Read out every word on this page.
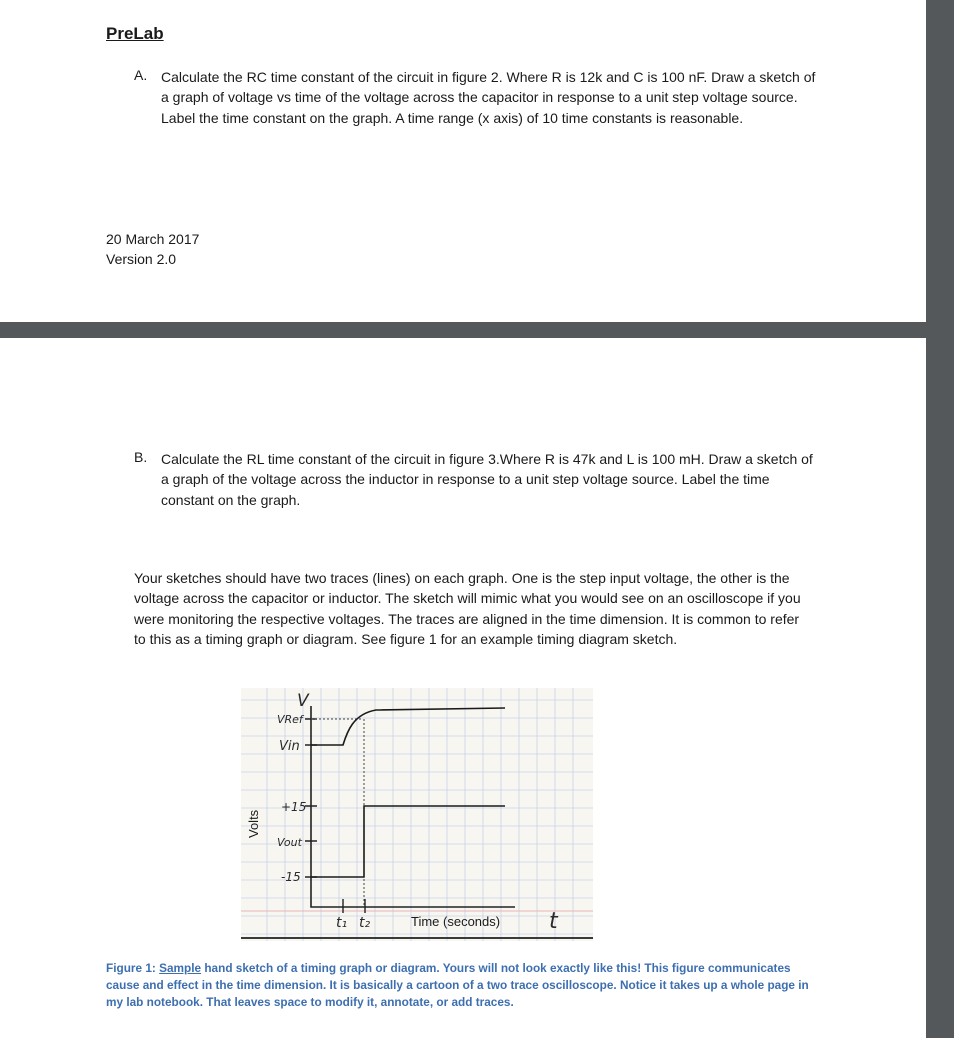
PreLab
A. Calculate the RC time constant of the circuit in figure 2. Where R is 12k and C is 100 nF. Draw a sketch of a graph of voltage vs time of the voltage across the capacitor in response to a unit step voltage source. Label the time constant on the graph. A time range (x axis) of 10 time constants is reasonable.

20 March 2017

Version 2.0

B. Calculate the RL time constant of the circuit in figure 3.Where R is 47k and L is 100 mH. Draw a sketch of a graph of the voltage across the inductor in response to a unit step voltage source. Label the time constant on the graph.

Your sketches should have two traces (lines) on each graph. One is the step input voltage, the other is the voltage across the capacitor or inductor. The sketch will mimic what you would see on an oscilloscope if you were monitoring the respective voltages. The traces are aligned in the time dimension. It is common to refer to this as a timing graph or diagram. See figure 1 for an example timing diagram sketch.

V
VRef
Vin
+15
Vout
-15
t₁ t₂	t
Time (seconds)
Volts

Figure 1: Sample hand sketch of a timing graph or diagram. Yours will not look exactly like this! This figure communicates cause and effect in the time dimension. It is basically a cartoon of a two trace oscilloscope. Notice it takes up a whole page in my lab notebook. That leaves space to modify it, annotate, or add traces.
